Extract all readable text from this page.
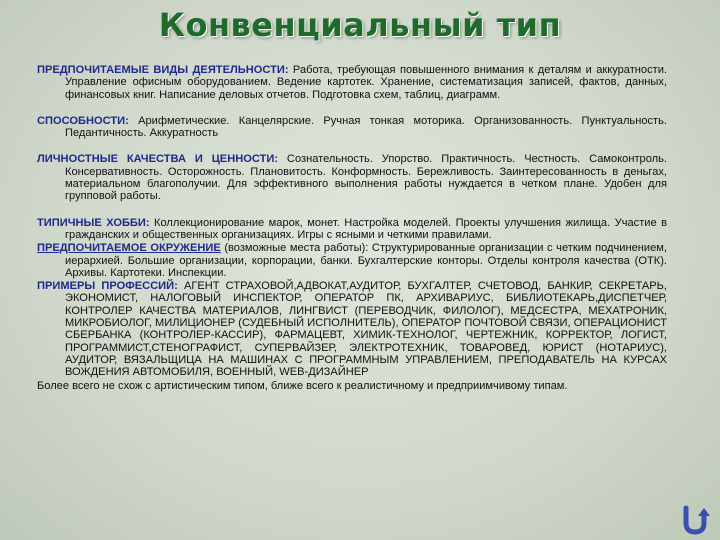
Конвенциальный тип

ПРЕДПОЧИТАЕМЫЕ ВИДЫ ДЕЯТЕЛЬНОСТИ: Работа, требующая повышенного внимания к деталям и аккуратности. Управление офисным оборудованием. Ведение картотек. Хранение, систематизация записей, фактов, данных, финансовых книг. Написание деловых отчетов. Подготовка схем, таблиц, диаграмм.

СПОСОБНОСТИ: Арифметические. Канцелярские. Ручная тонкая моторика. Организованность. Пунктуальность. Педантичность. Аккуратность

ЛИЧНОСТНЫЕ КАЧЕСТВА И ЦЕННОСТИ: Сознательность. Упорство. Практичность. Честность. Самоконтроль. Консервативность. Осторожность. Плановитость. Конформность. Бережливость. Заинтересованность в деньгах, материальном благополучии. Для эффективного выполнения работы нуждается в четком плане. Удобен для групповой работы.

ТИПИЧНЫЕ ХОББИ: Коллекционирование марок, монет. Настройка моделей. Проекты улучшения жилища. Участие в гражданских и общественных организациях. Игры с ясными и четкими правилами.

ПРЕДПОЧИТАЕМОЕ ОКРУЖЕНИЕ (возможные места работы): Структурированные организации с четким подчинением, иерархией. Большие организации, корпорации, банки. Бухгалтерские конторы. Отделы контроля качества (ОТК). Архивы. Картотеки. Инспекции.

ПРИМЕРЫ ПРОФЕССИЙ: АГЕНТ СТРАХОВОЙ,АДВОКАТ,АУДИТОР, БУХГАЛТЕР, СЧЕТОВОД, БАНКИР, СЕКРЕТАРЬ, ЭКОНОМИСТ, НАЛОГОВЫЙ ИНСПЕКТОР, ОПЕРАТОР ПК, АРХИВАРИУС, БИБЛИОТЕКАРЬ,ДИСПЕТЧЕР, КОНТРОЛЕР КАЧЕСТВА МАТЕРИАЛОВ, ЛИНГВИСТ (ПЕРЕВОДЧИК, ФИЛОЛОГ), МЕДСЕСТРА, МЕХАТРОНИК, МИКРОБИОЛОГ, МИЛИЦИОНЕР (СУДЕБНЫЙ ИСПОЛНИТЕЛЬ), ОПЕРАТОР ПОЧТОВОЙ СВЯЗИ, ОПЕРАЦИОНИСТ СБЕРБАНКА (КОНТРОЛЕР-КАССИР), ФАРМАЦЕВТ, ХИМИК-ТЕХНОЛОГ, ЧЕРТЕЖНИК, КОРРЕКТОР, ЛОГИСТ, ПРОГРАММИСТ,СТЕНОГРАФИСТ, СУПЕРВАЙЗЕР, ЭЛЕКТРОТЕХНИК, ТОВАРОВЕД, ЮРИСТ (НОТАРИУС), АУДИТОР, ВЯЗАЛЬЩИЦА НА МАШИНАХ С ПРОГРАММНЫМ УПРАВЛЕНИЕМ, ПРЕПОДАВАТЕЛЬ НА КУРСАХ ВОЖДЕНИЯ АВТОМОБИЛЯ, ВОЕННЫЙ, WEB-ДИЗАЙНЕР

Более всего не схож с артистическим типом, ближе всего к реалистичному и предприимчивому типам.
